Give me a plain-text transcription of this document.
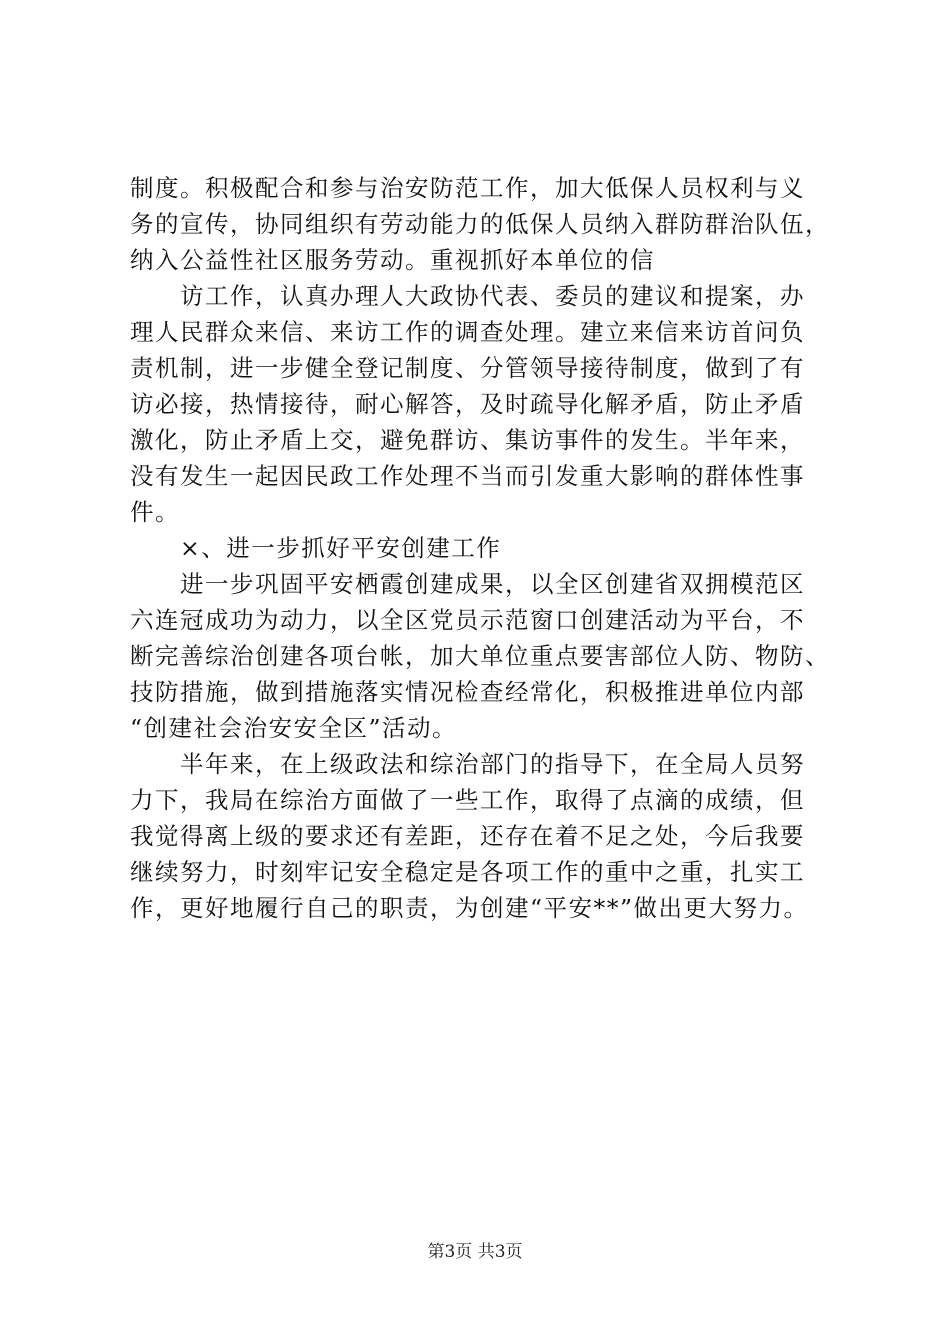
制度。积极配合和参与治安防范工作，加大低保人员权利与义
务的宣传，协同组织有劳动能力的低保人员纳入群防群治队伍，
纳入公益性社区服务劳动。重视抓好本单位的信
访工作，认真办理人大政协代表、委员的建议和提案，办
理人民群众来信、来访工作的调查处理。建立来信来访首问负
责机制，进一步健全登记制度、分管领导接待制度，做到了有
访必接，热情接待，耐心解答，及时疏导化解矛盾，防止矛盾
激化，防止矛盾上交，避免群访、集访事件的发生。半年来，
没有发生一起因民政工作处理不当而引发重大影响的群体性事
件。
×、进一步抓好平安创建工作
进一步巩固平安栖霞创建成果，以全区创建省双拥模范区
六连冠成功为动力，以全区党员示范窗口创建活动为平台，不
断完善综治创建各项台帐，加大单位重点要害部位人防、物防、
技防措施，做到措施落实情况检查经常化，积极推进单位内部
“创建社会治安安全区”活动。
半年来，在上级政法和综治部门的指导下，在全局人员努
力下，我局在综治方面做了一些工作，取得了点滴的成绩，但
我觉得离上级的要求还有差距，还存在着不足之处，今后我要
继续努力，时刻牢记安全稳定是各项工作的重中之重，扎实工
作，更好地履行自己的职责，为创建“平安**”做出更大努力。
第3页 共3页
